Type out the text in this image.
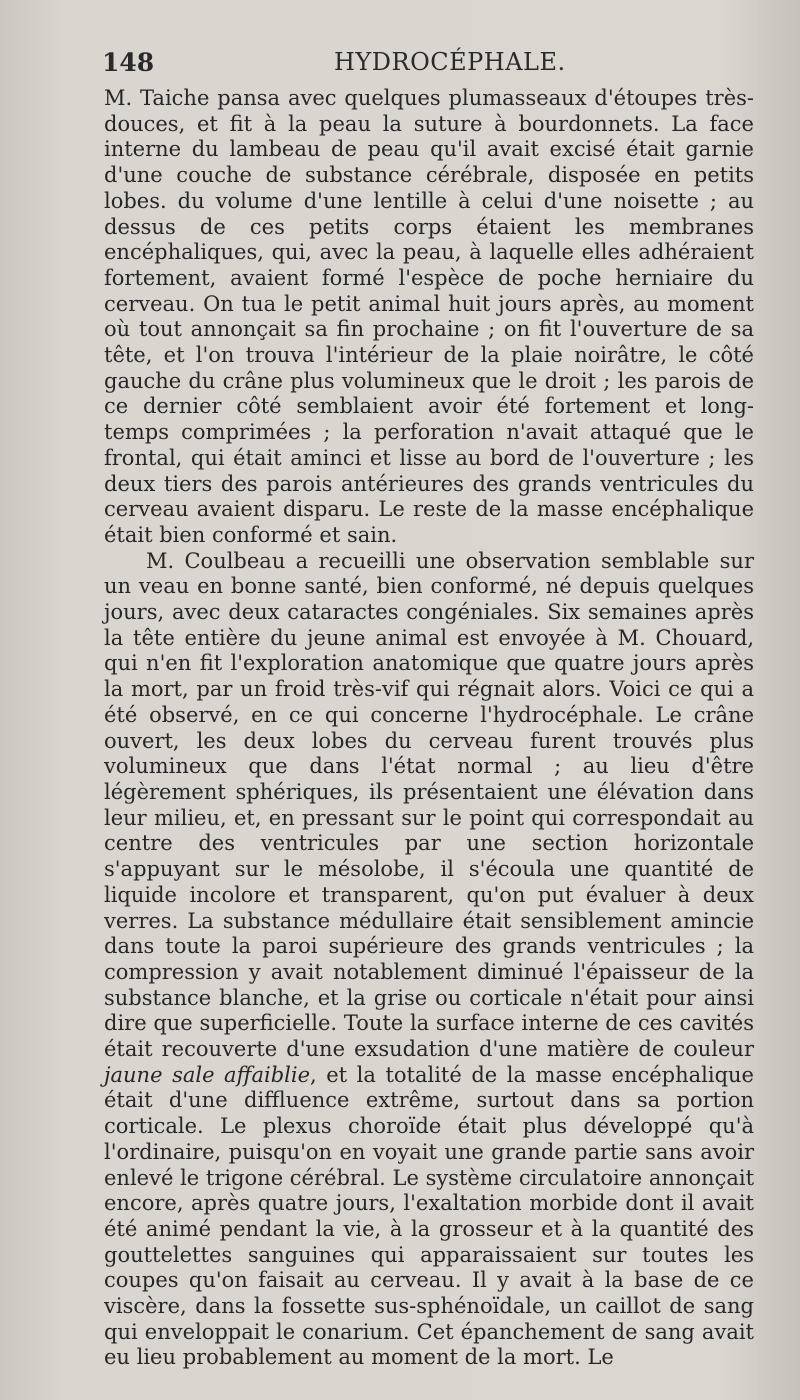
148	HYDROCÉPHALE.

M. Taiche pansa avec quelques plumasseaux d'étoupes très-douces, et fit à la peau la suture à bourdonnets. La face interne du lambeau de peau qu'il avait excisé était garnie d'une couche de substance cérébrale, disposée en petits lobes. du volume d'une lentille à celui d'une noisette ; au dessus de ces petits corps étaient les membranes encéphaliques, qui, avec la peau, à laquelle elles adhéraient fortement, avaient formé l'espèce de poche herniaire du cerveau. On tua le petit animal huit jours après, au moment où tout annonçait sa fin prochaine ; on fit l'ouverture de sa tête, et l'on trouva l'intérieur de la plaie noirâtre, le côté gauche du crâne plus volumineux que le droit ; les parois de ce dernier côté semblaient avoir été fortement et long-temps comprimées ; la perforation n'avait attaqué que le frontal, qui était aminci et lisse au bord de l'ouverture ; les deux tiers des parois antérieures des grands ventricules du cerveau avaient disparu. Le reste de la masse encéphalique était bien conformé et sain.

M. Coulbeau a recueilli une observation semblable sur un veau en bonne santé, bien conformé, né depuis quelques jours, avec deux cataractes congéniales. Six semaines après la tête entière du jeune animal est envoyée à M. Chouard, qui n'en fit l'exploration anatomique que quatre jours après la mort, par un froid très-vif qui régnait alors. Voici ce qui a été observé, en ce qui concerne l'hydrocéphale. Le crâne ouvert, les deux lobes du cerveau furent trouvés plus volumineux que dans l'état normal ; au lieu d'être légèrement sphériques, ils présentaient une élévation dans leur milieu, et, en pressant sur le point qui correspondait au centre des ventricules par une section horizontale s'appuyant sur le mésolobe, il s'écoula une quantité de liquide incolore et transparent, qu'on put évaluer à deux verres. La substance médullaire était sensiblement amincie dans toute la paroi supérieure des grands ventricules ; la compression y avait notablement diminué l'épaisseur de la substance blanche, et la grise ou corticale n'était pour ainsi dire que superficielle. Toute la surface interne de ces cavités était recouverte d'une exsudation d'une matière de couleur jaune sale affaiblie, et la totalité de la masse encéphalique était d'une diffluence extrême, surtout dans sa portion corticale. Le plexus choroïde était plus développé qu'à l'ordinaire, puisqu'on en voyait une grande partie sans avoir enlevé le trigone cérébral. Le système circulatoire annonçait encore, après quatre jours, l'exaltation morbide dont il avait été animé pendant la vie, à la grosseur et à la quantité des gouttelettes sanguines qui apparaissaient sur toutes les coupes qu'on faisait au cerveau. Il y avait à la base de ce viscère, dans la fossette sus-sphénoïdale, un caillot de sang qui enveloppait le conarium. Cet épanchement de sang avait eu lieu probablement au moment de la mort. Le
